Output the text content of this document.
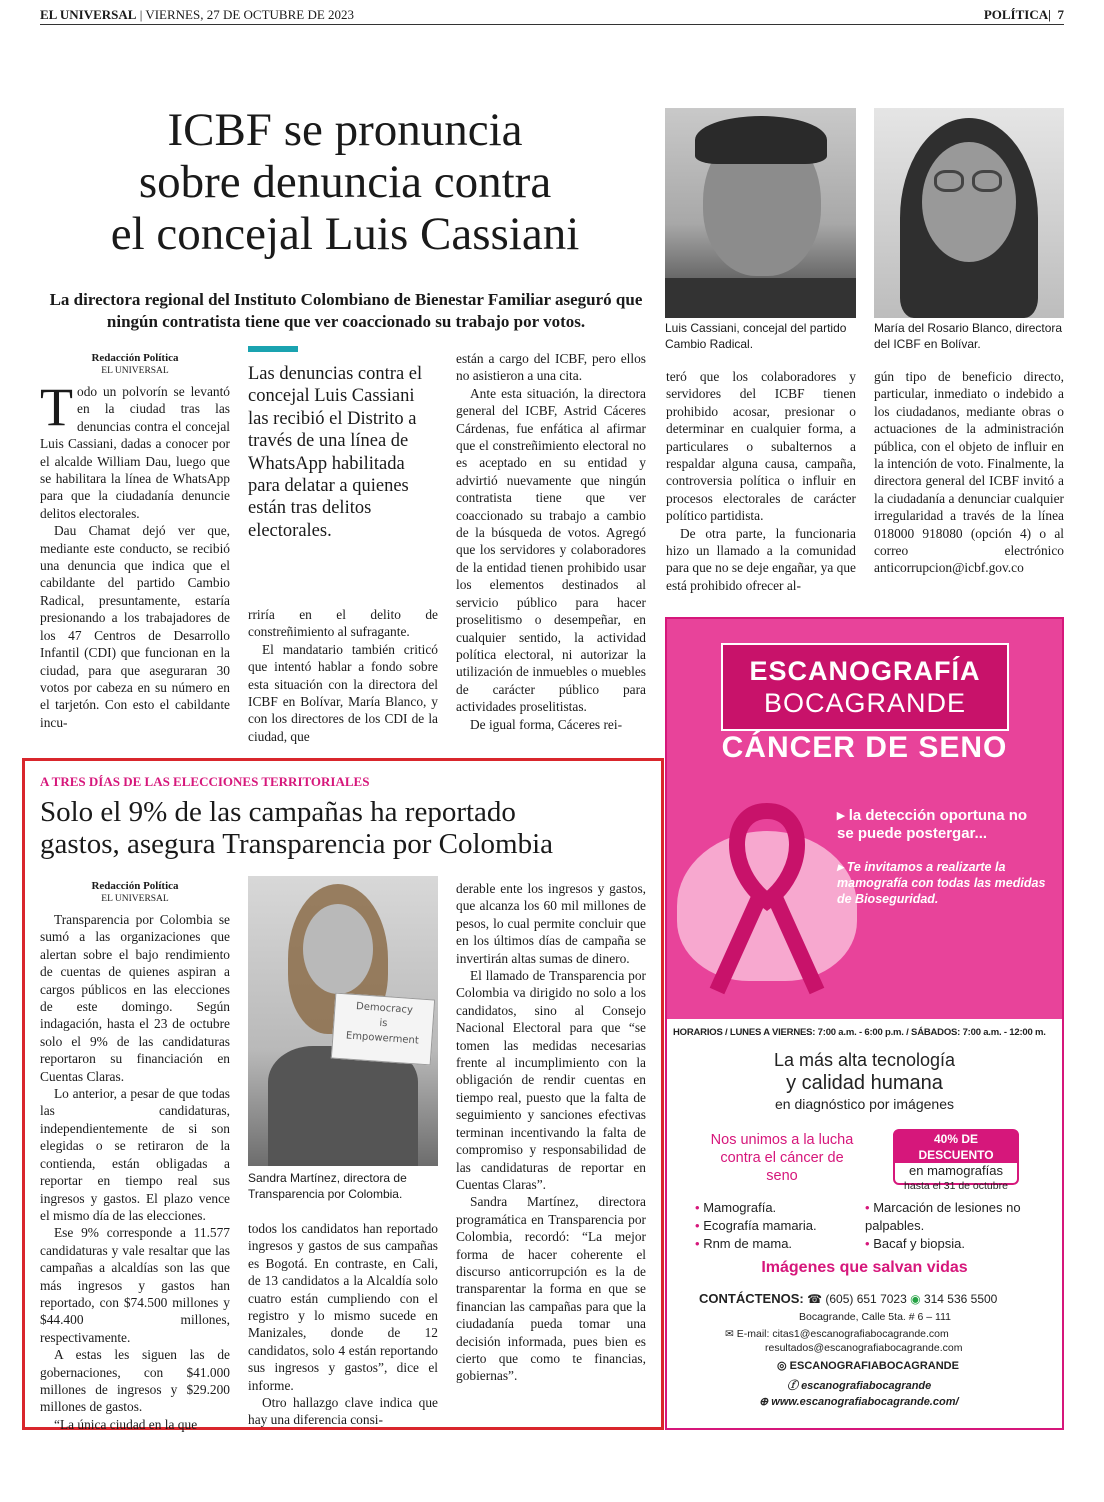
EL UNIVERSAL | VIERNES, 27 DE OCTUBRE DE 2023	POLÍTICA|  7
ICBF se pronuncia
sobre denuncia contra
el concejal Luis Cassiani
La directora regional del Instituto Colombiano de Bienestar Familiar aseguró que ningún contratista tiene que ver coaccionado su trabajo por votos.	Luis Cassiani, concejal del partido Cambio Radical.
María del Rosario Blanco, directora del ICBF en Bolívar.
Redacción Política
EL UNIVERSAL

Todo un polvorín se levantó en la ciudad tras las denuncias contra el concejal Luis Cassiani, dadas a conocer por el alcalde William Dau, luego que se habilitara la línea de WhatsApp para que la ciudadanía denuncie delitos electorales.

Dau Chamat dejó ver que, mediante este conducto, se recibió una denuncia que indica que el cabildante del partido Cambio Radical, presuntamente, estaría presionando a los trabajadores de los 47 Centros de Desarrollo Infantil (CDI) que funcionan en la ciudad, para que aseguraran 30 votos por cabeza en su número en el tarjetón. Con esto el cabildante incu-

Las denuncias contra el concejal Luis Cassiani las recibió el Distrito a través de una línea de WhatsApp habilitada para delatar a quienes están tras delitos electorales.

rriría en el delito de constreñimiento al sufragante.

El mandatario también criticó que intentó hablar a fondo sobre esta situación con la directora del ICBF en Bolívar, María Blanco, y con los directores de los CDI de la ciudad, que

están a cargo del ICBF, pero ellos no asistieron a una cita.

Ante esta situación, la directora general del ICBF, Astrid Cáceres Cárdenas, fue enfática al afirmar que el constreñimiento electoral no es aceptado en su entidad y advirtió nuevamente que ningún contratista tiene que ver coaccionado su trabajo a cambio de la búsqueda de votos. Agregó que los servidores y colaboradores de la entidad tienen prohibido usar los elementos destinados al servicio público para hacer proselitismo o desempeñar, en cualquier sentido, la actividad política electoral, ni autorizar la utilización de inmuebles o muebles de carácter público para actividades proselitistas.

De igual forma, Cáceres rei-

teró que los colaboradores y servidores del ICBF tienen prohibido acosar, presionar o determinar en cualquier forma, a particulares o subalternos a respaldar alguna causa, campaña, controversia política o influir en procesos electorales de carácter político partidista.

De otra parte, la funcionaria hizo un llamado a la comunidad para que no se deje engañar, ya que está prohibido ofrecer al-

gún tipo de beneficio directo, particular, inmediato o indebido a los ciudadanos, mediante obras o actuaciones de la administración pública, con el objeto de influir en la intención de voto. Finalmente, la directora general del ICBF invitó a la ciudadanía a denunciar cualquier irregularidad a través de la línea 018000 918080 (opción 4) o al correo electrónico anticorrupcion@icbf.gov.co

A TRES DÍAS DE LAS ELECCIONES TERRITORIALES
Solo el 9% de las campañas ha reportado
gastos, asegura Transparencia por Colombia
Redacción Política
EL UNIVERSAL

Transparencia por Colombia se sumó a las organizaciones que alertan sobre el bajo rendimiento de cuentas de quienes aspiran a cargos públicos en las elecciones de este domingo. Según indagación, hasta el 23 de octubre solo el 9% de las candidaturas reportaron su financiación en Cuentas Claras.

Lo anterior, a pesar de que todas las candidaturas, independientemente de si son elegidas o se retiraron de la contienda, están obligadas a reportar en tiempo real sus ingresos y gastos. El plazo vence el mismo día de las elecciones.

Ese 9% corresponde a 11.577 candidaturas y vale resaltar que las campañas a alcaldías son las que más ingresos y gastos han reportado, con $74.500 millones y $44.400 millones, respectivamente.

A estas les siguen las de gobernaciones, con $41.000 millones de ingresos y $29.200 millones de gastos.

“La única ciudad en la que

Democracy
is
Empowerment
Sandra Martínez, directora de Transparencia por Colombia.

todos los candidatos han reportado ingresos y gastos de sus campañas es Bogotá. En contraste, en Cali, de 13 candidatos a la Alcaldía solo cuatro están cumpliendo con el registro y lo mismo sucede en Manizales, donde de 12 candidatos, solo 4 están reportando sus ingresos y gastos”, dice el informe.

Otro hallazgo clave indica que hay una diferencia consi-

derable ente los ingresos y gastos, que alcanza los 60 mil millones de pesos, lo cual permite concluir que en los últimos días de campaña se invertirán altas sumas de dinero.

El llamado de Transparencia por Colombia va dirigido no solo a los candidatos, sino al Consejo Nacional Electoral para que “se tomen las medidas necesarias frente al incumplimiento con la obligación de rendir cuentas en tiempo real, puesto que la falta de seguimiento y sanciones efectivas terminan incentivando la falta de compromiso y responsabilidad de las candidaturas de reportar en Cuentas Claras”.

Sandra Martínez, directora programática en Transparencia por Colombia, recordó: “La mejor forma de hacer coherente el discurso anticorrupción es la de transparentar la forma en que se financian las campañas para que la ciudadanía pueda tomar una decisión informada, pues bien es cierto que como te financias, gobiernas”.

ESCANOGRAFÍA
BOCAGRANDE
CÁNCER DE SENO
▸ la detección oportuna no se puede postergar...
▸ Te invitamos a realizarte la mamografía con todas las medidas de Bioseguridad.
HORARIOS / LUNES A VIERNES: 7:00 a.m. - 6:00 p.m. / SÁBADOS: 7:00 a.m. - 12:00 m.
La más alta tecnología
y calidad humana
en diagnóstico por imágenes
Nos unimos a la lucha contra el cáncer de seno
40% DE DESCUENTO
en mamografías
hasta el 31 de octubre
• Mamografía.
• Ecografía mamaria.
• Rnm de mama.
• Marcación de lesiones no palpables.
• Bacaf y biopsia.
Imágenes que salvan vidas
CONTÁCTENOS: ☎ (605) 651 7023 ◉ 314 536 5500
Bocagrande, Calle 5ta. # 6 – 111
✉ E-mail: citas1@escanografiabocagrande.com
resultados@escanografiabocagrande.com
◎ ESCANOGRAFIABOCAGRANDE
ⓕ escanografiabocagrande
⊕ www.escanografiabocagrande.com/
